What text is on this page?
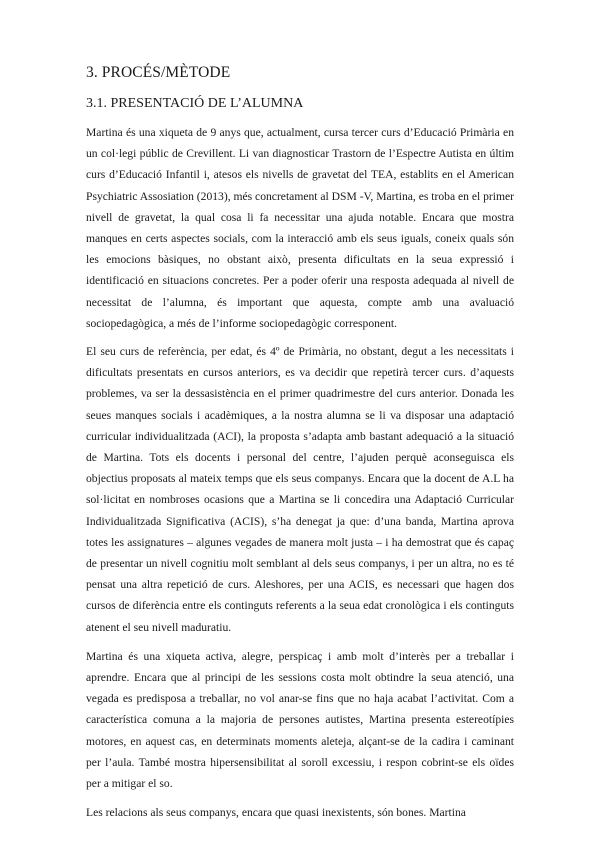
3. PROCÉS/MÈTODE
3.1. PRESENTACIÓ DE L’ALUMNA

Martina és una xiqueta de 9 anys que, actualment, cursa tercer curs d’Educació Primària en un col·legi públic de Crevillent. Li van diagnosticar Trastorn de l’Espectre Autista en últim curs d’Educació Infantil i, atesos els nivells de gravetat del TEA, establits en el American Psychiatric Assosiation (2013), més concretament al DSM -V, Martina, es troba en el primer nivell de gravetat, la qual cosa li fa necessitar una ajuda notable. Encara que mostra manques en certs aspectes socials, com la interacció amb els seus iguals, coneix quals són les emocions bàsiques, no obstant això, presenta dificultats en la seua expressió i identificació en situacions concretes. Per a poder oferir una resposta adequada al nivell de necessitat de l’alumna, és important que aquesta, compte amb una avaluació sociopedagògica, a més de l’informe sociopedagògic corresponent.

El seu curs de referència, per edat, és 4º de Primària, no obstant, degut a les necessitats i dificultats presentats en cursos anteriors, es va decidir que repetirà tercer curs. d’aquests problemes, va ser la dessasistència en el primer quadrimestre del curs anterior. Donada les seues manques socials i acadèmiques, a la nostra alumna se li va disposar una adaptació curricular individualitzada (ACI), la proposta s’adapta amb bastant adequació a la situació de Martina. Tots els docents i personal del centre, l’ajuden perquè aconseguisca els objectius proposats al mateix temps que els seus companys. Encara que la docent de A.L ha sol·licitat en nombroses ocasions que a Martina se li concedira una Adaptació Curricular Individualitzada Significativa (ACIS), s’ha denegat ja que: d’una banda, Martina aprova totes les assignatures – algunes vegades de manera molt justa – i ha demostrat que és capaç de presentar un nivell cognitiu molt semblant al dels seus companys, i per un altra, no es té pensat una altra repetició de curs. Aleshores, per una ACIS, es necessari que hagen dos cursos de diferència entre els continguts referents a la seua edat cronològica i els continguts atenent el seu nivell maduratiu.

Martina és una xiqueta activa, alegre, perspicaç i amb molt d’interès per a treballar i aprendre. Encara que al principi de les sessions costa molt obtindre la seua atenció, una vegada es predisposa a treballar, no vol anar-se fins que no haja acabat l’activitat. Com a característica comuna a la majoria de persones autistes, Martina presenta estereotípies motores, en aquest cas, en determinats moments aleteja, alçant-se de la cadira i caminant per l’aula. També mostra hipersensibilitat al soroll excessiu, i respon cobrint-se els oïdes per a mitigar el so.

Les relacions als seus companys, encara que quasi inexistents, són bones. Martina
